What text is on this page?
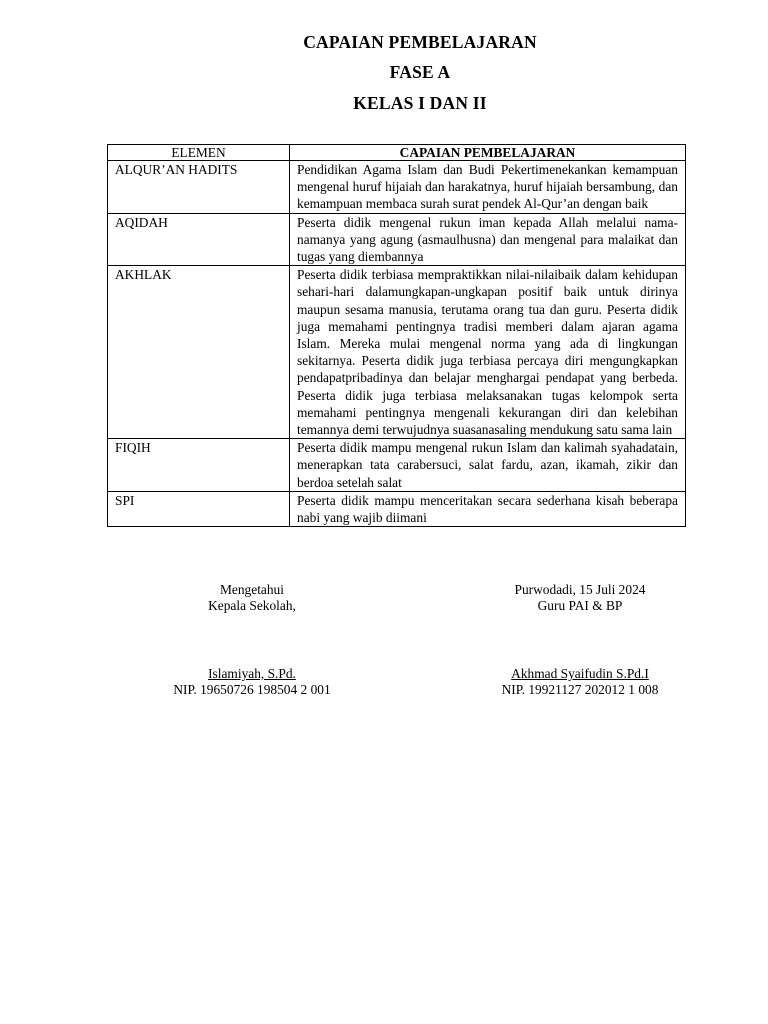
CAPAIAN PEMBELAJARAN
FASE A
KELAS I DAN II
ELEMEN	CAPAIAN PEMBELAJARAN
ALQUR’AN HADITS	Pendidikan Agama Islam dan Budi Pekertimenekankan kemampuan mengenal huruf hijaiah dan harakatnya, huruf hijaiah bersambung, dan kemampuan membaca surah surat pendek Al-Qur’an dengan baik
AQIDAH	Peserta didik mengenal rukun iman kepada Allah melalui nama-namanya yang agung (asmaulhusna) dan mengenal para malaikat dan tugas yang diembannya
AKHLAK	Peserta didik terbiasa mempraktikkan nilai-nilaibaik dalam kehidupan sehari-hari dalamungkapan-ungkapan positif baik untuk dirinya maupun sesama manusia, terutama orang tua dan guru. Peserta didik juga memahami pentingnya tradisi memberi dalam ajaran agama Islam. Mereka mulai mengenal norma yang ada di lingkungan sekitarnya. Peserta didik juga terbiasa percaya diri mengungkapkan pendapatpribadinya dan belajar menghargai pendapat yang berbeda. Peserta didik juga terbiasa melaksanakan tugas kelompok serta memahami pentingnya mengenali kekurangan diri dan kelebihan temannya demi terwujudnya suasanasaling mendukung satu sama lain
FIQIH	Peserta didik mampu mengenal rukun Islam dan kalimah syahadatain, menerapkan tata carabersuci, salat fardu, azan, ikamah, zikir dan berdoa setelah salat
SPI	Peserta didik mampu menceritakan secara sederhana kisah beberapa nabi yang wajib diimani
Mengetahui
Kepala Sekolah,
Islamiyah, S.Pd.
NIP. 19650726 198504 2 001
Purwodadi, 15 Juli 2024
Guru PAI & BP
Akhmad Syaifudin S.Pd.I
NIP. 19921127 202012 1 008
